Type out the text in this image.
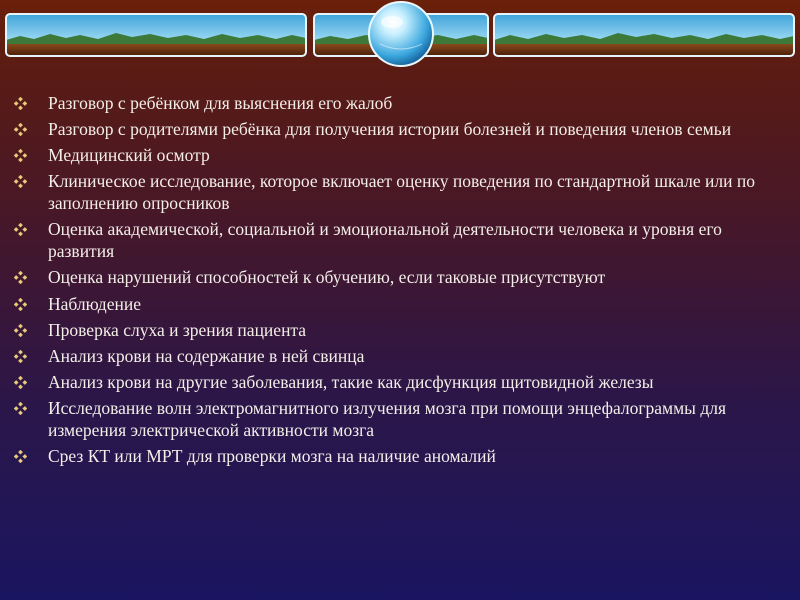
Разговор с ребёнком для выяснения его жалоб
Разговор с родителями ребёнка для получения истории болезней и поведения членов семьи
Медицинский осмотр
Клиническое исследование, которое включает оценку поведения по стандартной шкале или по заполнению опросников
Оценка академической, социальной и эмоциональной деятельности человека и уровня его развития
Оценка нарушений способностей к обучению, если таковые присутствуют
Наблюдение
Проверка слуха и зрения пациента
Анализ крови на содержание в ней свинца
Анализ крови на другие заболевания, такие как дисфункция щитовидной железы
Исследование волн электромагнитного излучения мозга при помощи энцефалограммы для измерения электрической активности мозга
Срез КТ или МРТ для проверки мозга на наличие аномалий
